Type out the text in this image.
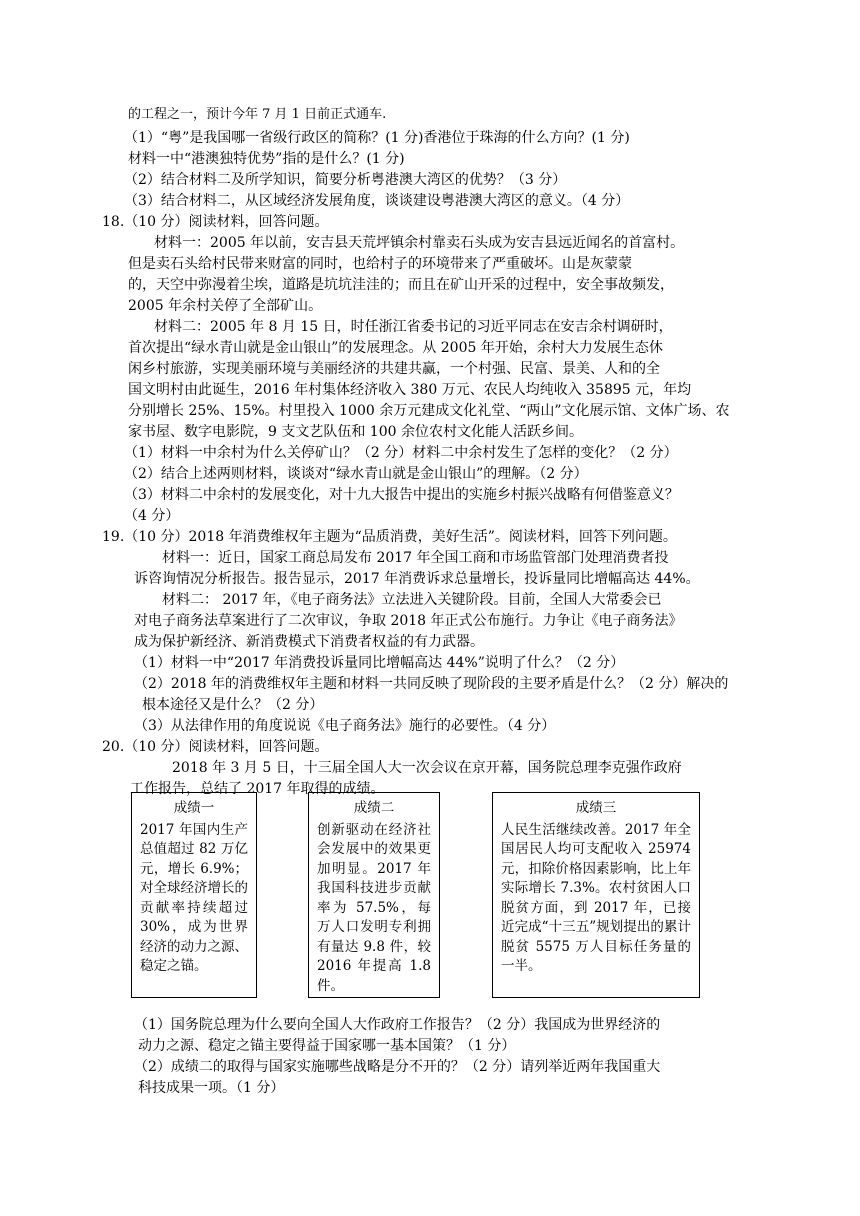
的工程之一，预计今年 7 月 1 日前正式通车.
（1）“粤”是我国哪一省级行政区的简称？(1 分)香港位于珠海的什么方向？(1 分)
材料一中“港澳独特优势”指的是什么？(1 分)
（2）结合材料二及所学知识，简要分析粤港澳大湾区的优势？（3 分）
（3）结合材料二，从区域经济发展角度，谈谈建设粤港澳大湾区的意义。（4 分）
18.（10 分）阅读材料，回答问题。
材料一：2005 年以前，安吉县天荒坪镇余村靠卖石头成为安吉县远近闻名的首富村。
但是卖石头给村民带来财富的同时，也给村子的环境带来了严重破坏。山是灰蒙蒙
的，天空中弥漫着尘埃，道路是坑坑洼洼的；而且在矿山开采的过程中，安全事故频发，
2005 年余村关停了全部矿山。
材料二：2005 年 8 月 15 日，时任浙江省委书记的习近平同志在安吉余村调研时，
首次提出“绿水青山就是金山银山”的发展理念。从 2005 年开始，余村大力发展生态休
闲乡村旅游，实现美丽环境与美丽经济的共建共赢，一个村强、民富、景美、人和的全
国文明村由此诞生，2016 年村集体经济收入 380 万元、农民人均纯收入 35895 元，年均
分别增长 25%、15%。村里投入 1000 余万元建成文化礼堂、“两山”文化展示馆、文体广场、农
家书屋、数字电影院，9 支文艺队伍和 100 余位农村文化能人活跃乡间。
（1）材料一中余村为什么关停矿山？（2 分）材料二中余村发生了怎样的变化？（2 分）
（2）结合上述两则材料，谈谈对“绿水青山就是金山银山”的理解。（2 分）
（3）材料二中余村的发展变化，对十九大报告中提出的实施乡村振兴战略有何借鉴意义？
（4 分）
19.（10 分）2018 年消费维权年主题为“品质消费，美好生活”。阅读材料，回答下列问题。
材料一：近日，国家工商总局发布 2017 年全国工商和市场监管部门处理消费者投
诉咨询情况分析报告。报告显示，2017 年消费诉求总量增长，投诉量同比增幅高达 44%。
材料二： 2017 年，《电子商务法》立法进入关键阶段。目前，全国人大常委会已
对电子商务法草案进行了二次审议，争取 2018 年正式公布施行。力争让《电子商务法》
成为保护新经济、新消费模式下消费者权益的有力武器。
（1）材料一中“2017 年消费投诉量同比增幅高达 44%”说明了什么？（2 分）
（2）2018 年的消费维权年主题和材料一共同反映了现阶段的主要矛盾是什么？（2 分）解决的
根本途径又是什么？（2 分）
（3）从法律作用的角度说说《电子商务法》施行的必要性。（4 分）
20.（10 分）阅读材料，回答问题。
2018 年 3 月 5 日，十三届全国人大一次会议在京开幕，国务院总理李克强作政府
工作报告，总结了 2017 年取得的成绩。
成绩一
2017 年国内生产总值超过 82 万亿元，增长 6.9%；对全球经济增长的贡献率持续超过 30%，成为世界经济的动力之源、稳定之锚。
成绩二
创新驱动在经济社会发展中的效果更加明显。2017 年我国科技进步贡献率为 57.5%，每万人口发明专利拥有量达 9.8 件，较 2016 年提高 1.8 件。
成绩三
人民生活继续改善。2017 年全国居民人均可支配收入 25974 元，扣除价格因素影响，比上年实际增长 7.3%。农村贫困人口脱贫方面，到 2017 年，已接近完成“十三五”规划提出的累计脱贫 5575 万人目标任务量的一半。
（1）国务院总理为什么要向全国人大作政府工作报告？（2 分）我国成为世界经济的
动力之源、稳定之锚主要得益于国家哪一基本国策？（1 分）
（2）成绩二的取得与国家实施哪些战略是分不开的？（2 分）请列举近两年我国重大
科技成果一项。（1 分）
